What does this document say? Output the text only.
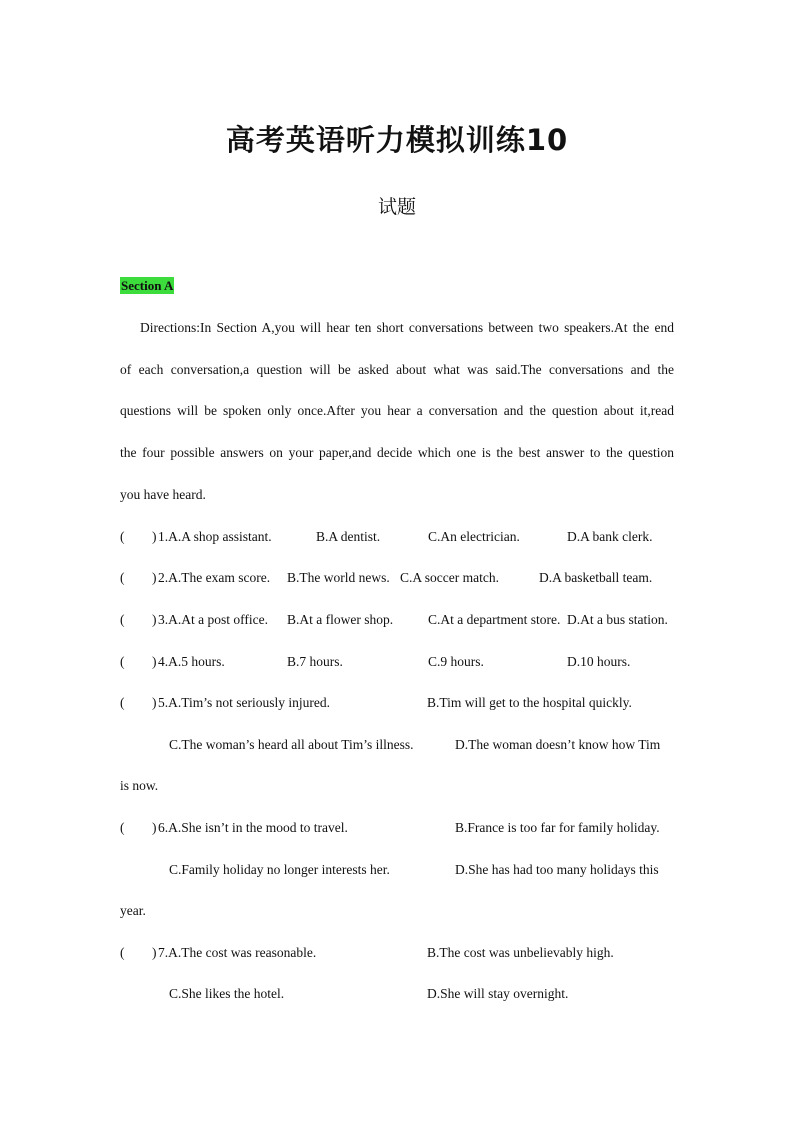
高考英语听力模拟训练10
试题
Section A
Directions:In Section A,you will hear ten short conversations between two speakers.At the end
of each conversation,a question will be asked about what was said.The conversations and the
questions will be spoken only once.After you hear a conversation and the question about it,read
the four possible answers on your paper,and decide which one is the best answer to the question
you have heard.
( ) 1.A.A shop assistant.	B.A dentist.	C.An electrician.	D.A bank clerk.
( ) 2.A.The exam score. B.The world news. C.A soccer match.	D.A basketball team.
( ) 3.A.At a post office. B.At a flower shop.	C.At a department store. D.At a bus station.
( ) 4.A.5 hours.	B.7 hours.	C.9 hours.	D.10 hours.
( ) 5.A.Tim’s not seriously injured.	B.Tim will get to the hospital quickly.
C.The woman’s heard all about Tim’s illness.	D.The woman doesn’t know how Tim
is now.
( ) 6.A.She isn’t in the mood to travel.	B.France is too far for family holiday.
C.Family holiday no longer interests her.	D.She has had too many holidays this
year.
( ) 7.A.The cost was reasonable.	B.The cost was unbelievably high.
C.She likes the hotel.	D.She will stay overnight.
